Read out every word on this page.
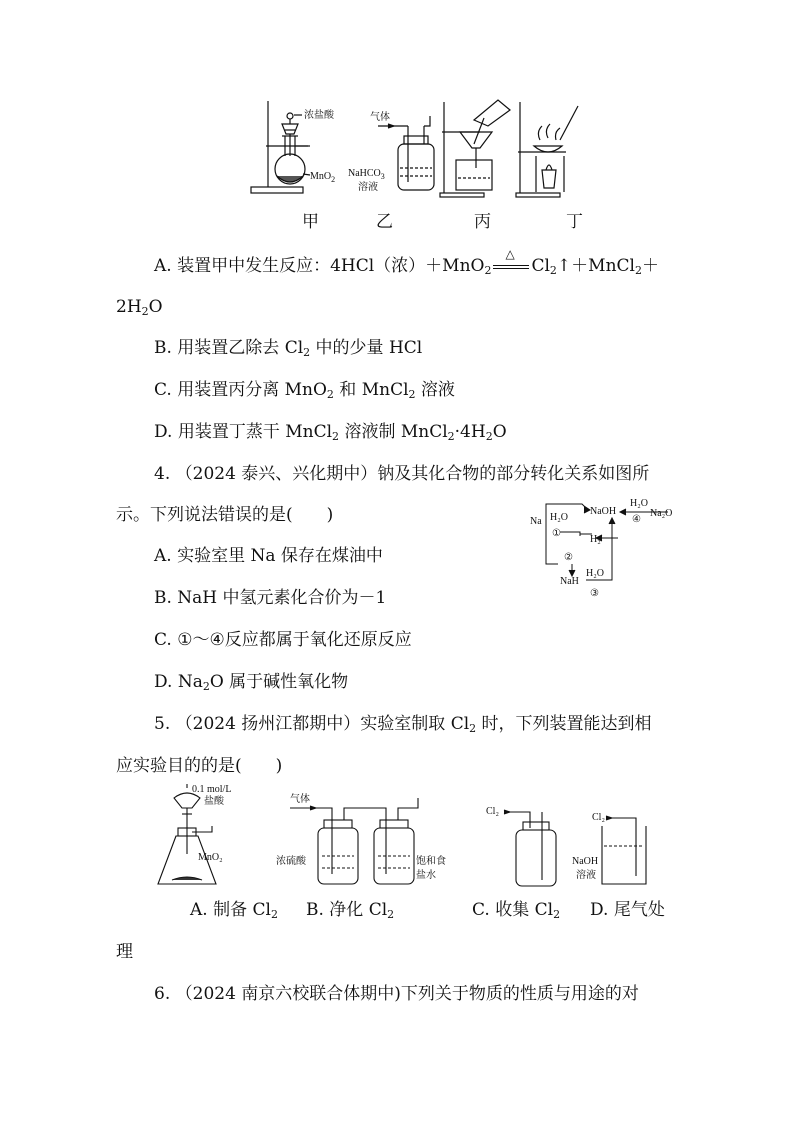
浓盐酸
MnO$_2$
气体
NaHCO$_3$
溶液
甲	乙	丙	丁
A. 装置甲中发生反应：4HCl（浓）＋MnO$_2$
△
$Cl_2↑+MnCl_2+$
$2H_2O$
B. 用装置乙除去 $Cl_2$ 中的少量 HCl
C. 用装置丙分离 MnO$_2$ 和 MnCl$_2$ 溶液
D. 用装置丁蒸干 MnCl$_2$ 溶液制 $MnCl_2\cdot 4H_2O$
4. （2024 泰兴、兴化期中）钠及其化合物的部分转化关系如图所
示。下列说法错误的是(　　)
A. 实验室里 Na 保存在煤油中
B. NaH 中氢元素化合价为－1
C. ①～④反应都属于氧化还原反应
D. $Na_2O$ 属于碱性氧化物
Na H₂O
①
NaOH
H₂O
④
Na₂O
H₂
②
NaH
H₂O
③
5. （2024 扬州江都期中）实验室制取 $Cl_2$ 时，下列装置能达到相
应实验目的的是(　　)
0.1 mol/L
盐酸
MnO₂
气体
浓硫酸	饱和食
盐水
Cl₂
Cl₂
NaOH
溶液
A. 制备 $Cl_2$ B. 净化 $Cl_2$	C. 收集 $Cl_2$ D. 尾气处
理
6. （2024 南京六校联合体期中)下列关于物质的性质与用途的对
